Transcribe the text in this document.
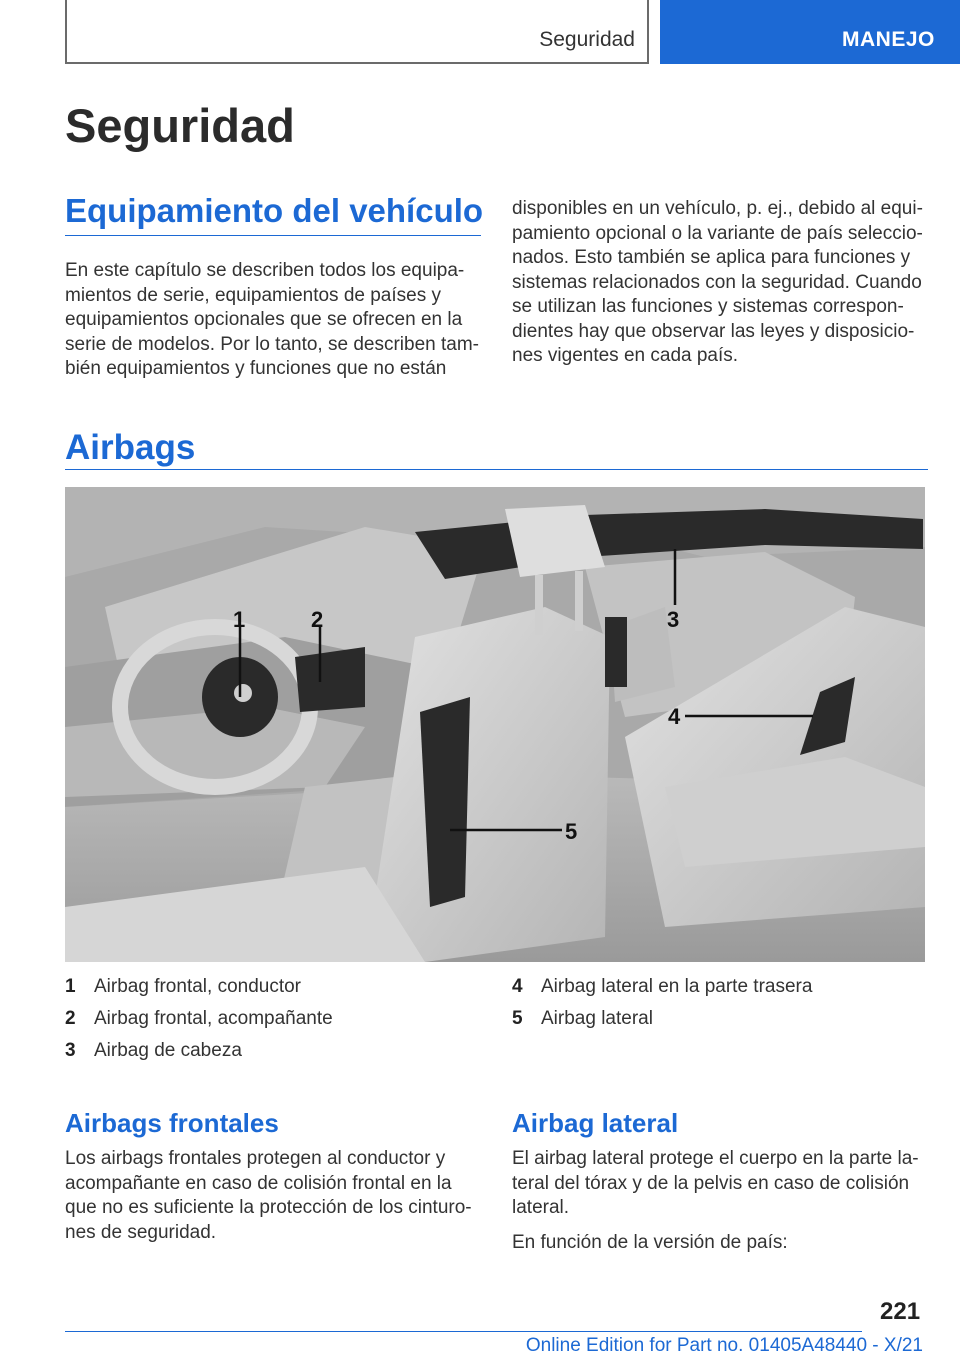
Seguridad	MANEJO
Seguridad
Equipamiento del vehículo
En este capítulo se describen todos los equipa-
mientos de serie, equipamientos de países y
equipamientos opcionales que se ofrecen en la
serie de modelos. Por lo tanto, se describen tam-
bién equipamientos y funciones que no están
disponibles en un vehículo, p. ej., debido al equi-
pamiento opcional o la variante de país seleccio-
nados. Esto también se aplica para funciones y
sistemas relacionados con la seguridad. Cuando
se utilizan las funciones y sistemas correspon-
dientes hay que observar las leyes y disposicio-
nes vigentes en cada país.
Airbags
1	2	3
4
5
1 Airbag frontal, conductor
2 Airbag frontal, acompañante
3 Airbag de cabeza
4 Airbag lateral en la parte trasera
5 Airbag lateral
Airbags frontales
Los airbags frontales protegen al conductor y
acompañante en caso de colisión frontal en la
que no es suficiente la protección de los cinturo-
nes de seguridad.
Airbag lateral
El airbag lateral protege el cuerpo en la parte la-
teral del tórax y de la pelvis en caso de colisión
lateral.
En función de la versión de país:
221
Online Edition for Part no. 01405A48440 - X/21
